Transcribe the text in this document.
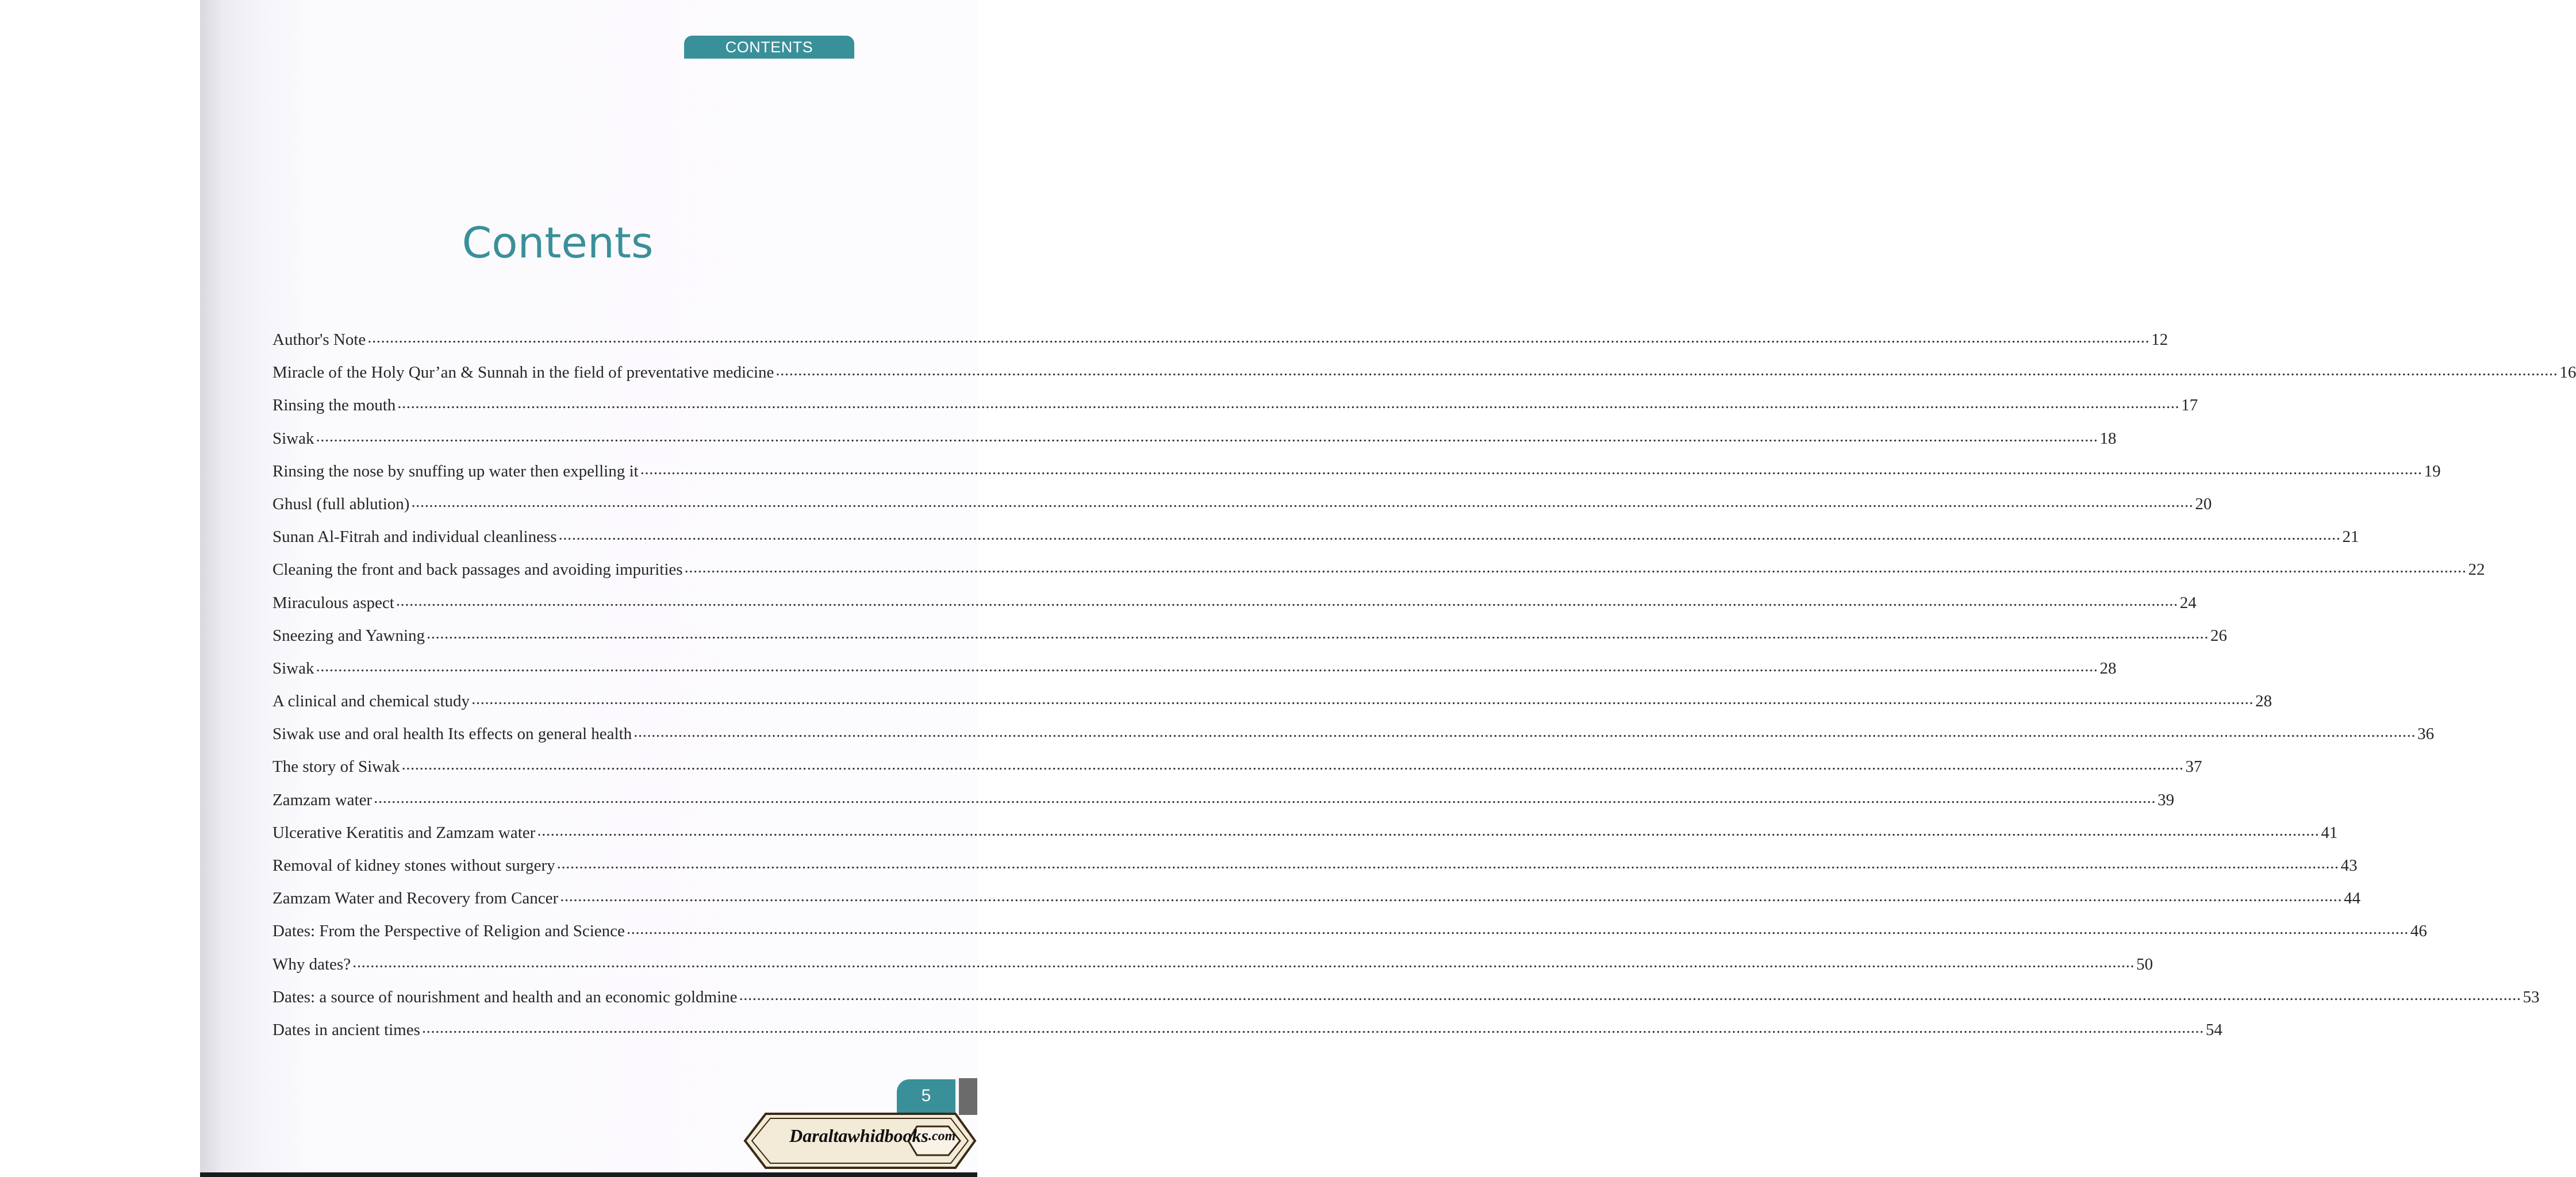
CONTENTS
Contents
Author's Note ................................................................................................................................................................................................................................................................................................................................................................................................................ 12
Miracle of the Holy Qur’an & Sunnah in the field of preventative medicine ................................................................................................................................................................................................................................................................................................................................................................................................................ 16
Rinsing the mouth ................................................................................................................................................................................................................................................................................................................................................................................................................ 17
Siwak ................................................................................................................................................................................................................................................................................................................................................................................................................ 18
Rinsing the nose by snuffing up water then expelling it ................................................................................................................................................................................................................................................................................................................................................................................................................ 19
Ghusl (full ablution) ................................................................................................................................................................................................................................................................................................................................................................................................................ 20
Sunan Al-Fitrah and individual cleanliness ................................................................................................................................................................................................................................................................................................................................................................................................................ 21
Cleaning the front and back passages and avoiding impurities ................................................................................................................................................................................................................................................................................................................................................................................................................ 22
Miraculous aspect ................................................................................................................................................................................................................................................................................................................................................................................................................ 24
Sneezing and Yawning ................................................................................................................................................................................................................................................................................................................................................................................................................ 26
Siwak ................................................................................................................................................................................................................................................................................................................................................................................................................ 28
A clinical and chemical study ................................................................................................................................................................................................................................................................................................................................................................................................................ 28
Siwak use and oral health Its effects on general health ................................................................................................................................................................................................................................................................................................................................................................................................................ 36
The story of Siwak ................................................................................................................................................................................................................................................................................................................................................................................................................ 37
Zamzam water ................................................................................................................................................................................................................................................................................................................................................................................................................ 39
Ulcerative Keratitis and Zamzam water ................................................................................................................................................................................................................................................................................................................................................................................................................ 41
Removal of kidney stones without surgery ................................................................................................................................................................................................................................................................................................................................................................................................................ 43
Zamzam Water and Recovery from Cancer ................................................................................................................................................................................................................................................................................................................................................................................................................ 44
Dates: From the Perspective of Religion and Science ................................................................................................................................................................................................................................................................................................................................................................................................................ 46
Why dates? ................................................................................................................................................................................................................................................................................................................................................................................................................ 50
Dates: a source of nourishment and health and an economic goldmine ................................................................................................................................................................................................................................................................................................................................................................................................................ 53
Dates in ancient times ................................................................................................................................................................................................................................................................................................................................................................................................................ 54
5
Daraltawhidbooks .com
